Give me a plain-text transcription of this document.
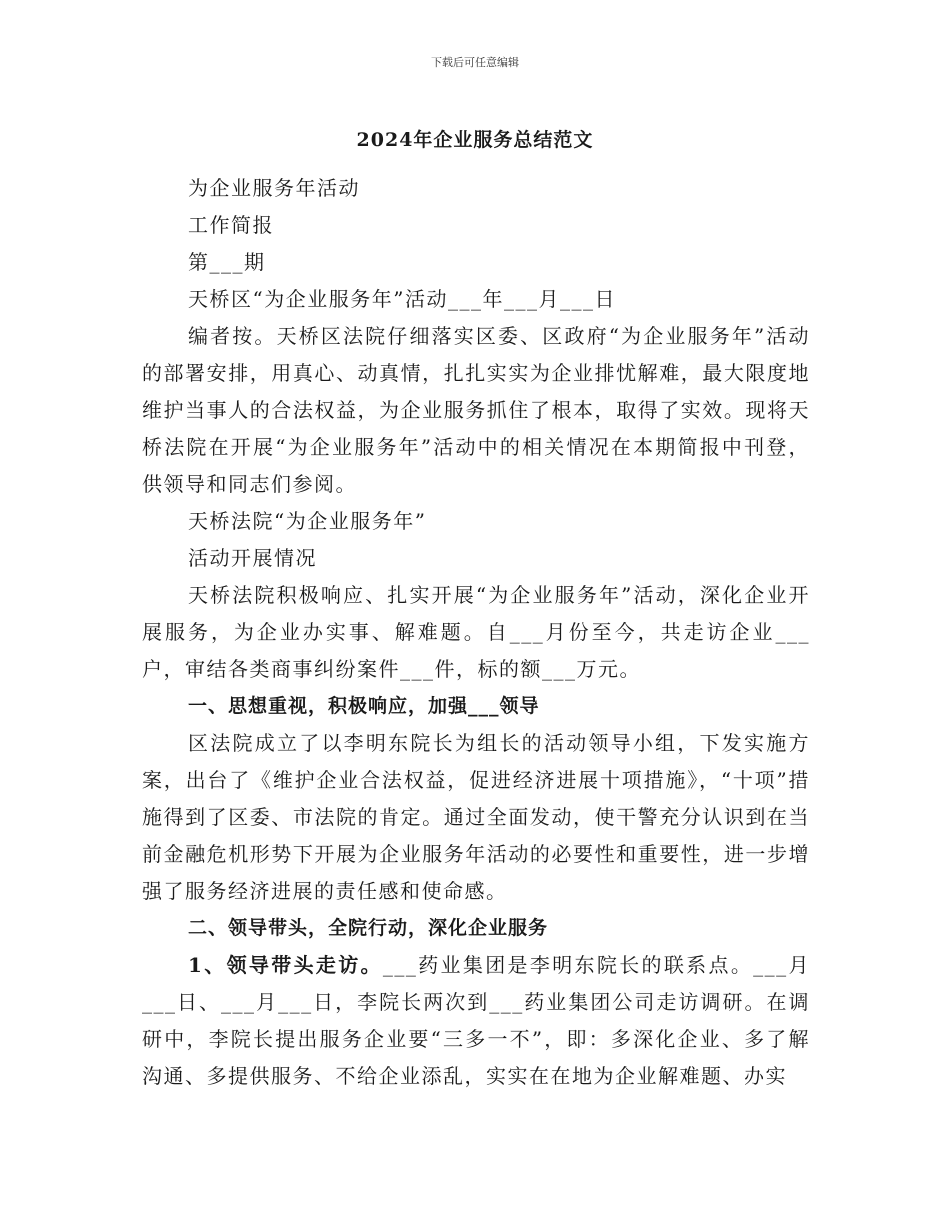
下载后可任意编辑
2024年企业服务总结范文

为企业服务年活动

工作简报

第___期

天桥区“为企业服务年”活动___年___月___日

编者按。天桥区法院仔细落实区委、区政府“为企业服务年”活动的部署安排，用真心、动真情，扎扎实实为企业排忧解难，最大限度地维护当事人的合法权益，为企业服务抓住了根本，取得了实效。现将天桥法院在开展“为企业服务年”活动中的相关情况在本期简报中刊登，供领导和同志们参阅。

天桥法院“为企业服务年”

活动开展情况

天桥法院积极响应、扎实开展“为企业服务年”活动，深化企业开展服务，为企业办实事、解难题。自___月份至今，共走访企业___户，审结各类商事纠纷案件___件，标的额___万元。

一、思想重视，积极响应，加强___领导

区法院成立了以李明东院长为组长的活动领导小组，下发实施方案，出台了《维护企业合法权益，促进经济进展十项措施》，“十项”措施得到了区委、市法院的肯定。通过全面发动，使干警充分认识到在当前金融危机形势下开展为企业服务年活动的必要性和重要性，进一步增强了服务经济进展的责任感和使命感。

二、领导带头，全院行动，深化企业服务

1、领导带头走访。___药业集团是李明东院长的联系点。___月___日、___月___日，李院长两次到___药业集团公司走访调研。在调研中，李院长提出服务企业要“三多一不”，即：多深化企业、多了解沟通、多提供服务、不给企业添乱，实实在在地为企业解难题、办实
